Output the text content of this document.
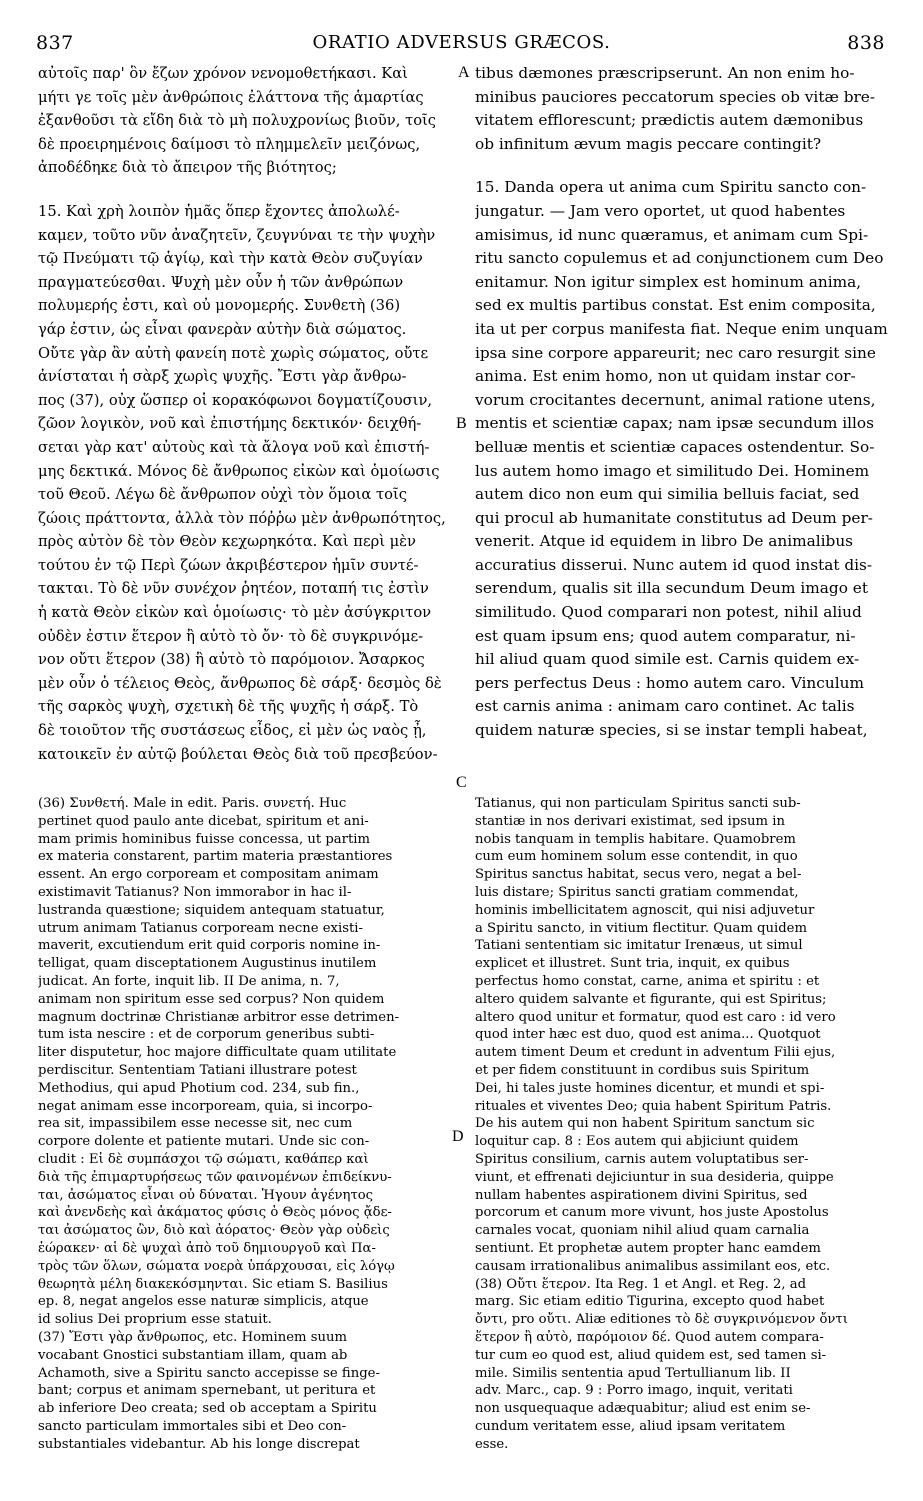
837	ORATIO ADVERSUS GRÆCOS.	838
A
B
C
D

αὐτοῖς παρ' ὃν ἔζων χρόνον νενομοθετήκασι. Καὶ

μήτι γε τοῖς μὲν ἀνθρώποις ἐλάττονα τῆς ἁμαρτίας

ἐξανθοῦσι τὰ εἴδη διὰ τὸ μὴ πολυχρονίως βιοῦν, τοῖς

δὲ προειρημένοις δαίμοσι τὸ πλημμελεῖν μειζόνως,

ἀποδέδηκε διὰ τὸ ἄπειρον τῆς βιότητος;

15. Καὶ χρὴ λοιπὸν ἡμᾶς ὅπερ ἔχοντες ἀπολωλέ-

καμεν, τοῦτο νῦν ἀναζητεῖν, ζευγνύναι τε τὴν ψυχὴν

τῷ Πνεύματι τῷ ἁγίῳ, καὶ τὴν κατὰ Θεὸν συζυγίαν

πραγματεύεσθαι. Ψυχὴ μὲν οὖν ἡ τῶν ἀνθρώπων

πολυμερής ἐστι, καὶ οὐ μονομερής. Συνθετὴ (36)

γάρ ἐστιν, ὡς εἶναι φανερὰν αὐτὴν διὰ σώματος.

Οὔτε γὰρ ἂν αὐτὴ φανείη ποτὲ χωρὶς σώματος, οὔτε

ἀνίσταται ἡ σὰρξ χωρὶς ψυχῆς. Ἔστι γὰρ ἄνθρω-

πος (37), οὐχ ὥσπερ οἱ κορακόφωνοι δογματίζουσιν,

ζῶον λογικὸν, νοῦ καὶ ἐπιστήμης δεκτικόν· δειχθή-

σεται γὰρ κατ' αὐτοὺς καὶ τὰ ἄλογα νοῦ καὶ ἐπιστή-

μης δεκτικά. Μόνος δὲ ἄνθρωπος εἰκὼν καὶ ὁμοίωσις

τοῦ Θεοῦ. Λέγω δὲ ἄνθρωπον οὐχὶ τὸν ὅμοια τοῖς

ζώοις πράττοντα, ἀλλὰ τὸν πόῤῥω μὲν ἀνθρωπότητος,

πρὸς αὐτὸν δὲ τὸν Θεὸν κεχωρηκότα. Καὶ περὶ μὲν

τούτου ἐν τῷ Περὶ ζώων ἀκριβέστερον ἡμῖν συντέ-

τακται. Τὸ δὲ νῦν συνέχον ῥητέον, ποταπή τις ἐστὶν

ἡ κατὰ Θεὸν εἰκὼν καὶ ὁμοίωσις· τὸ μὲν ἀσύγκριτον

οὐδὲν ἐστιν ἕτερον ἢ αὐτὸ τὸ ὄν· τὸ δὲ συγκρινόμε-

νον οὔτι ἕτερον (38) ἢ αὐτὸ τὸ παρόμοιον. Ἄσαρκος

μὲν οὖν ὁ τέλειος Θεὸς, ἄνθρωπος δὲ σάρξ· δεσμὸς δὲ

τῆς σαρκὸς ψυχὴ, σχετικὴ δὲ τῆς ψυχῆς ἡ σάρξ. Τὸ

δὲ τοιοῦτον τῆς συστάσεως εἶδος, εἰ μὲν ὡς ναὸς ᾖ,

κατοικεῖν ἐν αὐτῷ βούλεται Θεὸς διὰ τοῦ πρεσβεύον-

tibus dæmones præscripserunt. An non enim ho-

minibus pauciores peccatorum species ob vitæ bre-

vitatem efflorescunt; prædictis autem dæmonibus

ob infinitum ævum magis peccare contingit?

15. Danda opera ut anima cum Spiritu sancto con-

jungatur. — Jam vero oportet, ut quod habentes

amisimus, id nunc quæramus, et animam cum Spi-

ritu sancto copulemus et ad conjunctionem cum Deo

enitamur. Non igitur simplex est hominum anima,

sed ex multis partibus constat. Est enim composita,

ita ut per corpus manifesta fiat. Neque enim unquam

ipsa sine corpore appareurit; nec caro resurgit sine

anima. Est enim homo, non ut quidam instar cor-

vorum crocitantes decernunt, animal ratione utens,

mentis et scientiæ capax; nam ipsæ secundum illos

belluæ mentis et scientiæ capaces ostendentur. So-

lus autem homo imago et similitudo Dei. Hominem

autem dico non eum qui similia belluis faciat, sed

qui procul ab humanitate constitutus ad Deum per-

venerit. Atque id equidem in libro De animalibus

accuratius disserui. Nunc autem id quod instat dis-

serendum, qualis sit illa secundum Deum imago et

similitudo. Quod comparari non potest, nihil aliud

est quam ipsum ens; quod autem comparatur, ni-

hil aliud quam quod simile est. Carnis quidem ex-

pers perfectus Deus : homo autem caro. Vinculum

est carnis anima : animam caro continet. Ac talis

quidem naturæ species, si se instar templi habeat,

(36) Συνθετή. Male in edit. Paris. συνετή. Huc

pertinet quod paulo ante dicebat, spiritum et ani-

mam primis hominibus fuisse concessa, ut partim

ex materia constarent, partim materia præstantiores

essent. An ergo corpoream et compositam animam

existimavit Tatianus? Non immorabor in hac il-

lustranda quæstione; siquidem antequam statuatur,

utrum animam Tatianus corpoream necne existi-

maverit, excutiendum erit quid corporis nomine in-

telligat, quam disceptationem Augustinus inutilem

judicat. An forte, inquit lib. II De anima, n. 7,

animam non spiritum esse sed corpus? Non quidem

magnum doctrinæ Christianæ arbitror esse detrimen-

tum ista nescire : et de corporum generibus subti-

liter disputetur, hoc majore difficultate quam utilitate

perdiscitur. Sententiam Tatiani illustrare potest

Methodius, qui apud Photium cod. 234, sub fin.,

negat animam esse incorpoream, quia, si incorpo-

rea sit, impassibilem esse necesse sit, nec cum

corpore dolente et patiente mutari. Unde sic con-

cludit : Εἰ δὲ συμπάσχοι τῷ σώματι, καθάπερ καὶ

διὰ τῆς ἐπιμαρτυρήσεως τῶν φαινομένων ἐπιδείκνυ-

ται, ἀσώματος εἶναι οὐ δύναται. Ἡγουν ἀγένητος

καὶ ἀνενδεὴς καὶ ἀκάματος φύσις ὁ Θεὸς μόνος ᾄδε-

ται ἀσώματος ὢν, διὸ καὶ ἀόρατος· Θεὸν γὰρ οὐδεὶς

ἑώρακεν· αἱ δὲ ψυχαὶ ἀπὸ τοῦ δημιουργοῦ καὶ Πα-

τρὸς τῶν ὅλων, σώματα νοερὰ ὑπάρχουσαι, εἰς λόγῳ

θεωρητὰ μέλη διακεκόσμηνται. Sic etiam S. Basilius

ep. 8, negat angelos esse naturæ simplicis, atque

id solius Dei proprium esse statuit.

(37) Ἔστι γὰρ ἄνθρωπος, etc. Hominem suum

vocabant Gnostici substantiam illam, quam ab

Achamoth, sive a Spiritu sancto accepisse se finge-

bant; corpus et animam spernebant, ut peritura et

ab inferiore Deo creata; sed ob acceptam a Spiritu

sancto particulam immortales sibi et Deo con-

substantiales videbantur. Ab his longe discrepat

Tatianus, qui non particulam Spiritus sancti sub-

stantiæ in nos derivari existimat, sed ipsum in

nobis tanquam in templis habitare. Quamobrem

cum eum hominem solum esse contendit, in quo

Spiritus sanctus habitat, secus vero, negat a bel-

luis distare; Spiritus sancti gratiam commendat,

hominis imbellicitatem agnoscit, qui nisi adjuvetur

a Spiritu sancto, in vitium flectitur. Quam quidem

Tatiani sententiam sic imitatur Irenæus, ut simul

explicet et illustret. Sunt tria, inquit, ex quibus

perfectus homo constat, carne, anima et spiritu : et

altero quidem salvante et figurante, qui est Spiritus;

altero quod unitur et formatur, quod est caro : id vero

quod inter hæc est duo, quod est anima... Quotquot

autem timent Deum et credunt in adventum Filii ejus,

et per fidem constituunt in cordibus suis Spiritum

Dei, hi tales juste homines dicentur, et mundi et spi-

rituales et viventes Deo; quia habent Spiritum Patris.

De his autem qui non habent Spiritum sanctum sic

loquitur cap. 8 : Eos autem qui abjiciunt quidem

Spiritus consilium, carnis autem voluptatibus ser-

viunt, et effrenati dejiciuntur in sua desideria, quippe

nullam habentes aspirationem divini Spiritus, sed

porcorum et canum more vivunt, hos juste Apostolus

carnales vocat, quoniam nihil aliud quam carnalia

sentiunt. Et prophetæ autem propter hanc eamdem

causam irrationalibus animalibus assimilant eos, etc.

(38) Οὔτι ἕτερον. Ita Reg. 1 et Angl. et Reg. 2, ad

marg. Sic etiam editio Tigurina, excepto quod habet

ὄντι, pro οὔτι. Aliæ editiones τὸ δὲ συγκρινόμενον ὄντι

ἕτερον ἢ αὐτὸ, παρόμοιον δέ. Quod autem compara-

tur cum eo quod est, aliud quidem est, sed tamen si-

mile. Similis sententia apud Tertullianum lib. II

adv. Marc., cap. 9 : Porro imago, inquit, veritati

non usquequaque adæquabitur; aliud est enim se-

cundum veritatem esse, aliud ipsam veritatem

esse.
